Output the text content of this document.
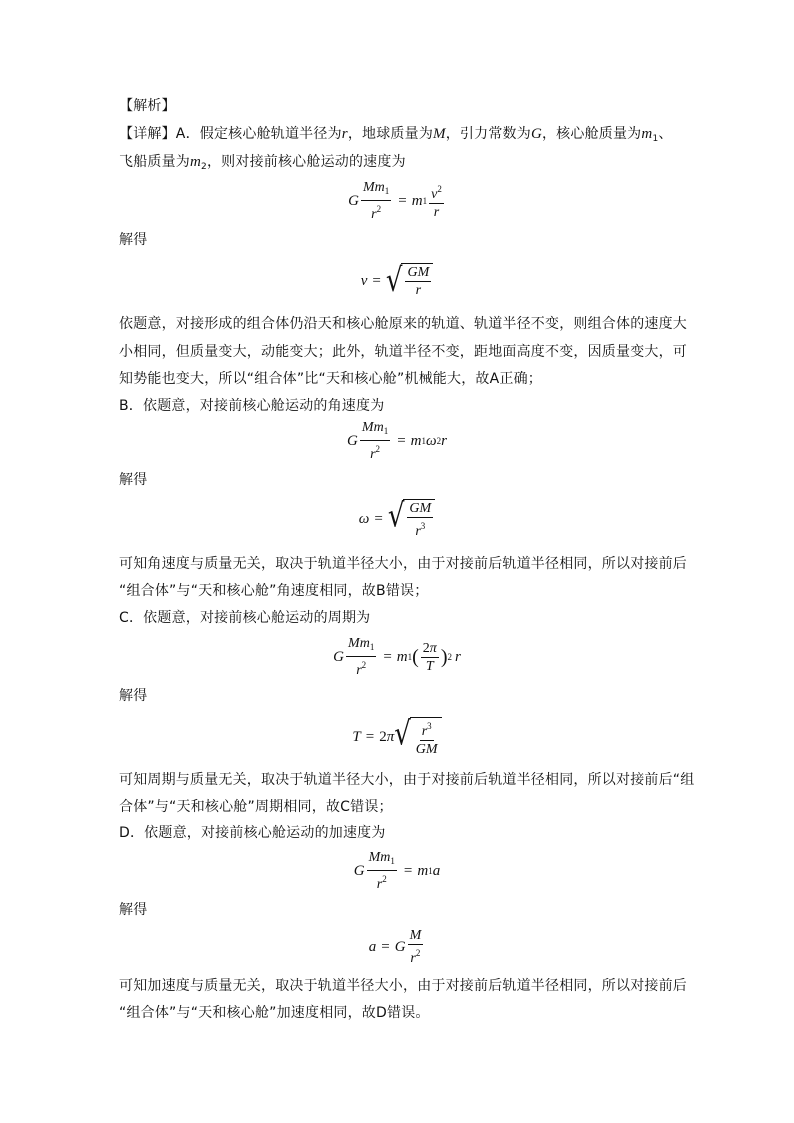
【解析】
【详解】A．假定核心舱轨道半径为r，地球质量为M，引力常数为G，核心舱质量为$m_1$、
飞船质量为$m_2$，则对接前核心舱运动的速度为
G $\frac{Mm_1}{r^2} = m$ $1 \frac{v^2}{r}$
解得
v = √ $\frac{GM}{r}$
依题意，对接形成的组合体仍沿天和核心舱原来的轨道、轨道半径不变，则组合体的速度大
小相同，但质量变大，动能变大；此外，轨道半径不变，距地面高度不变，因质量变大，可
知势能也变大，所以“组合体”比“天和核心舱”机械能大，故A正确；
B．依题意，对接前核心舱运动的角速度为
G $\frac{Mm_1}{r^2} = m$ 1 ω 2 r
解得
ω = √ $\frac{GM}{r^3}$
可知角速度与质量无关，取决于轨道半径大小，由于对接前后轨道半径相同，所以对接前后
“组合体”与“天和核心舱”角速度相同，故B错误；
C．依题意，对接前核心舱运动的周期为
G $\frac{Mm_1}{r^2} = m$ 1 ( $\frac{2\pi}{T}$ ) 2 r
解得
T = 2 π √ $\frac{r^3}{GM}$
可知周期与质量无关，取决于轨道半径大小，由于对接前后轨道半径相同，所以对接前后“组
合体”与“天和核心舱”周期相同，故C错误；
D．依题意，对接前核心舱运动的加速度为
G $\frac{Mm_1}{r^2} = m$ 1 a
解得
a = G $\frac{M}{r^2}$
可知加速度与质量无关，取决于轨道半径大小，由于对接前后轨道半径相同，所以对接前后
“组合体”与“天和核心舱”加速度相同，故D错误。
